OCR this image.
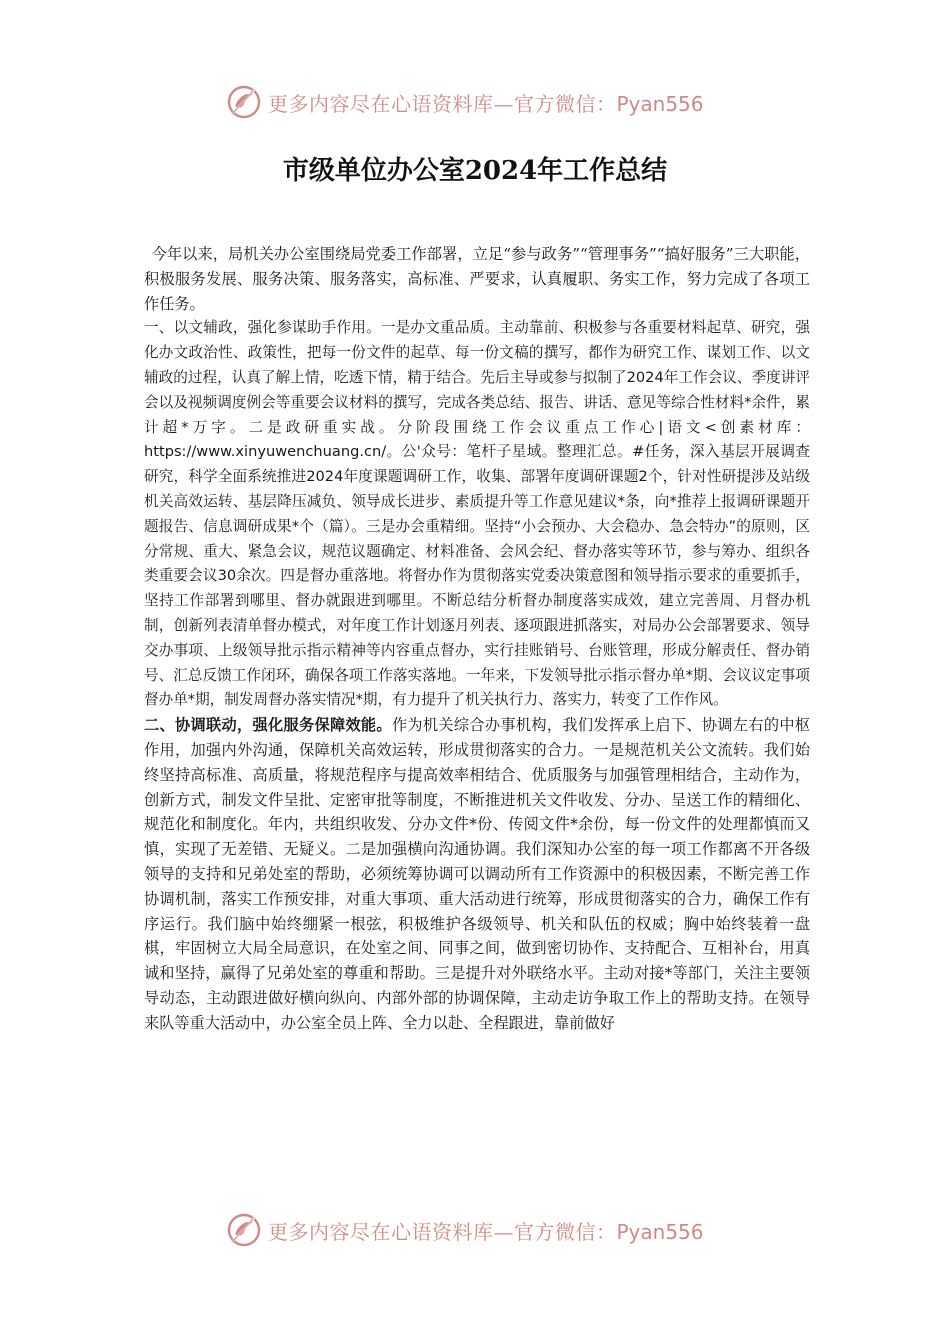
更多内容尽在心语资料库—官方微信：Pyan556
市级单位办公室2024年工作总结

今年以来，局机关办公室围绕局党委工作部署，立足“参与政务”“管理事务”“搞好服务”三大职能，积极服务发展、服务决策、服务落实，高标准、严要求，认真履职、务实工作，努力完成了各项工作任务。

一、以文辅政，强化参谋助手作用。一是办文重品质。主动靠前、积极参与各重要材料起草、研究，强化办文政治性、政策性，把每一份文件的起草、每一份文稿的撰写，都作为研究工作、谋划工作、以文辅政的过程，认真了解上情，吃透下情，精于结合。先后主导或参与拟制了2024年工作会议、季度讲评会以及视频调度例会等重要会议材料的撰写，完成各类总结、报告、讲话、意见等综合性材料*余件，累计超*万字。二是政研重实战。分阶段围绕工作会议重点工作心|语文<创素材库：https://www.xinyuwenchuang.cn/。公'众号：笔杆子星域。整理汇总。#任务，深入基层开展调查研究，科学全面系统推进2024年度课题调研工作，收集、部署年度调研课题2个，针对性研提涉及站级机关高效运转、基层降压减负、领导成长进步、素质提升等工作意见建议*条，向*推荐上报调研课题开题报告、信息调研成果*个（篇）。三是办会重精细。坚持“小会预办、大会稳办、急会特办”的原则，区分常规、重大、紧急会议，规范议题确定、材料准备、会风会纪、督办落实等环节，参与筹办、组织各类重要会议30余次。四是督办重落地。将督办作为贯彻落实党委决策意图和领导指示要求的重要抓手，坚持工作部署到哪里、督办就跟进到哪里。不断总结分析督办制度落实成效，建立完善周、月督办机制，创新列表清单督办模式，对年度工作计划逐月列表、逐项跟进抓落实，对局办公会部署要求、领导交办事项、上级领导批示指示精神等内容重点督办，实行挂账销号、台账管理，形成分解责任、督办销号、汇总反馈工作闭环，确保各项工作落实落地。一年来，下发领导批示指示督办单*期、会议议定事项督办单*期，制发周督办落实情况*期，有力提升了机关执行力、落实力，转变了工作作风。

二、协调联动，强化服务保障效能。作为机关综合办事机构，我们发挥承上启下、协调左右的中枢作用，加强内外沟通，保障机关高效运转，形成贯彻落实的合力。一是规范机关公文流转。我们始终坚持高标准、高质量，将规范程序与提高效率相结合、优质服务与加强管理相结合，主动作为，创新方式，制发文件呈批、定密审批等制度，不断推进机关文件收发、分办、呈送工作的精细化、规范化和制度化。年内，共组织收发、分办文件*份、传阅文件*余份，每一份文件的处理都慎而又慎，实现了无差错、无疑义。二是加强横向沟通协调。我们深知办公室的每一项工作都离不开各级领导的支持和兄弟处室的帮助，必须统筹协调可以调动所有工作资源中的积极因素，不断完善工作协调机制，落实工作预安排，对重大事项、重大活动进行统筹，形成贯彻落实的合力，确保工作有序运行。我们脑中始终绷紧一根弦，积极维护各级领导、机关和队伍的权威；胸中始终装着一盘棋，牢固树立大局全局意识，在处室之间、同事之间，做到密切协作、支持配合、互相补台，用真诚和坚持，赢得了兄弟处室的尊重和帮助。三是提升对外联络水平。主动对接*等部门，关注主要领导动态，主动跟进做好横向纵向、内部外部的协调保障，主动走访争取工作上的帮助支持。在领导来队等重大活动中，办公室全员上阵、全力以赴、全程跟进，靠前做好

更多内容尽在心语资料库—官方微信：Pyan556
